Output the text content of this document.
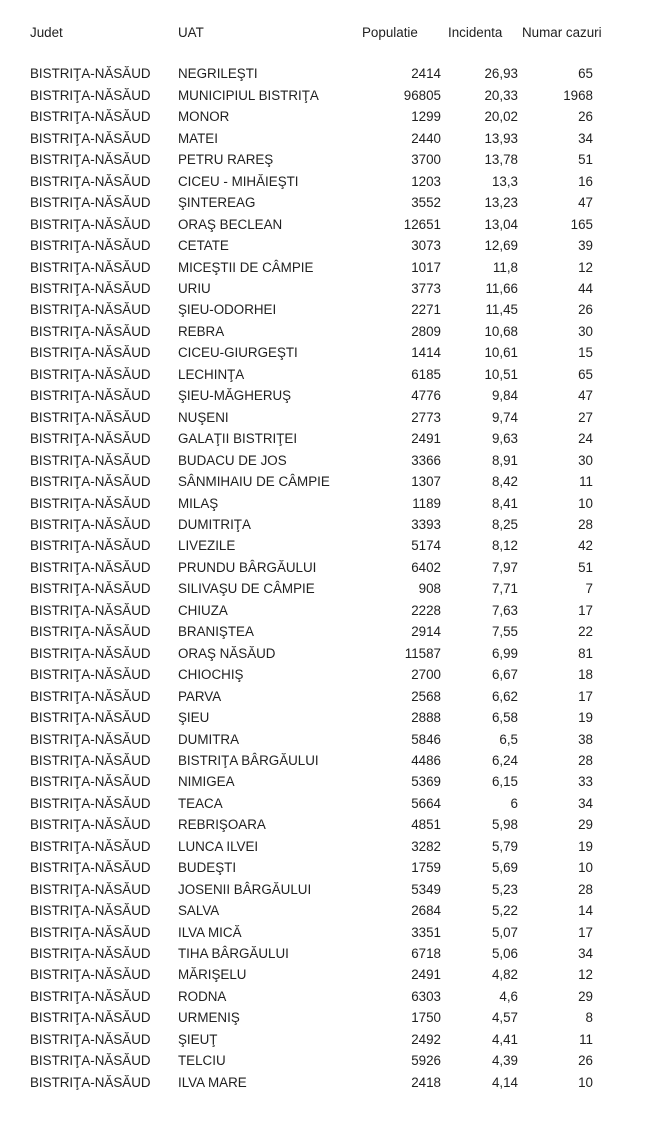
Judet	UAT	Populatie	Incidenta	Numar cazuri
BISTRIŢA-NĂSĂUD	NEGRILEŞTI	2414	26,93	65
BISTRIŢA-NĂSĂUD	MUNICIPIUL BISTRIŢA	96805	20,33	1968
BISTRIŢA-NĂSĂUD	MONOR	1299	20,02	26
BISTRIŢA-NĂSĂUD	MATEI	2440	13,93	34
BISTRIŢA-NĂSĂUD	PETRU RAREŞ	3700	13,78	51
BISTRIŢA-NĂSĂUD	CICEU - MIHĂIEŞTI	1203	13,3	16
BISTRIŢA-NĂSĂUD	ŞINTEREAG	3552	13,23	47
BISTRIŢA-NĂSĂUD	ORAŞ BECLEAN	12651	13,04	165
BISTRIŢA-NĂSĂUD	CETATE	3073	12,69	39
BISTRIŢA-NĂSĂUD	MICEŞTII DE CÂMPIE	1017	11,8	12
BISTRIŢA-NĂSĂUD	URIU	3773	11,66	44
BISTRIŢA-NĂSĂUD	ŞIEU-ODORHEI	2271	11,45	26
BISTRIŢA-NĂSĂUD	REBRA	2809	10,68	30
BISTRIŢA-NĂSĂUD	CICEU-GIURGEŞTI	1414	10,61	15
BISTRIŢA-NĂSĂUD	LECHINŢA	6185	10,51	65
BISTRIŢA-NĂSĂUD	ŞIEU-MĂGHERUŞ	4776	9,84	47
BISTRIŢA-NĂSĂUD	NUŞENI	2773	9,74	27
BISTRIŢA-NĂSĂUD	GALAŢII BISTRIŢEI	2491	9,63	24
BISTRIŢA-NĂSĂUD	BUDACU DE JOS	3366	8,91	30
BISTRIŢA-NĂSĂUD	SÂNMIHAIU DE CÂMPIE	1307	8,42	11
BISTRIŢA-NĂSĂUD	MILAŞ	1189	8,41	10
BISTRIŢA-NĂSĂUD	DUMITRIŢA	3393	8,25	28
BISTRIŢA-NĂSĂUD	LIVEZILE	5174	8,12	42
BISTRIŢA-NĂSĂUD	PRUNDU BÂRGĂULUI	6402	7,97	51
BISTRIŢA-NĂSĂUD	SILIVAŞU DE CÂMPIE	908	7,71	7
BISTRIŢA-NĂSĂUD	CHIUZA	2228	7,63	17
BISTRIŢA-NĂSĂUD	BRANIŞTEA	2914	7,55	22
BISTRIŢA-NĂSĂUD	ORAŞ NĂSĂUD	11587	6,99	81
BISTRIŢA-NĂSĂUD	CHIOCHIŞ	2700	6,67	18
BISTRIŢA-NĂSĂUD	PARVA	2568	6,62	17
BISTRIŢA-NĂSĂUD	ŞIEU	2888	6,58	19
BISTRIŢA-NĂSĂUD	DUMITRA	5846	6,5	38
BISTRIŢA-NĂSĂUD	BISTRIŢA BÂRGĂULUI	4486	6,24	28
BISTRIŢA-NĂSĂUD	NIMIGEA	5369	6,15	33
BISTRIŢA-NĂSĂUD	TEACA	5664	6	34
BISTRIŢA-NĂSĂUD	REBRIŞOARA	4851	5,98	29
BISTRIŢA-NĂSĂUD	LUNCA ILVEI	3282	5,79	19
BISTRIŢA-NĂSĂUD	BUDEŞTI	1759	5,69	10
BISTRIŢA-NĂSĂUD	JOSENII BÂRGĂULUI	5349	5,23	28
BISTRIŢA-NĂSĂUD	SALVA	2684	5,22	14
BISTRIŢA-NĂSĂUD	ILVA MICĂ	3351	5,07	17
BISTRIŢA-NĂSĂUD	TIHA BÂRGĂULUI	6718	5,06	34
BISTRIŢA-NĂSĂUD	MĂRIŞELU	2491	4,82	12
BISTRIŢA-NĂSĂUD	RODNA	6303	4,6	29
BISTRIŢA-NĂSĂUD	URMENIŞ	1750	4,57	8
BISTRIŢA-NĂSĂUD	ŞIEUŢ	2492	4,41	11
BISTRIŢA-NĂSĂUD	TELCIU	5926	4,39	26
BISTRIŢA-NĂSĂUD	ILVA MARE	2418	4,14	10
